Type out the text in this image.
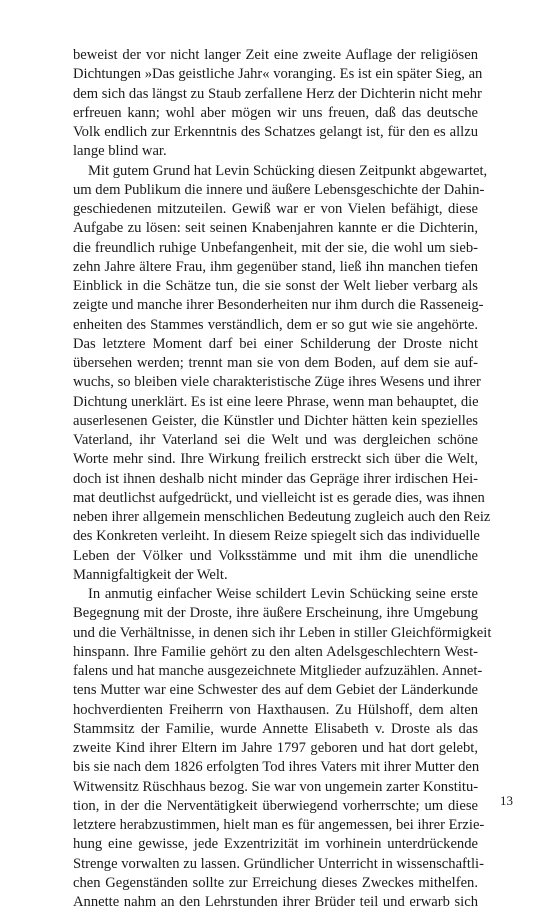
beweist der vor nicht langer Zeit eine zweite Auflage der religiösen
Dichtungen »Das geistliche Jahr« voranging. Es ist ein später Sieg, an
dem sich das längst zu Staub zerfallene Herz der Dichterin nicht mehr
erfreuen kann; wohl aber mögen wir uns freuen, daß das deutsche
Volk endlich zur Erkenntnis des Schatzes gelangt ist, für den es allzu
lange blind war.
Mit gutem Grund hat Levin Schücking diesen Zeitpunkt abgewartet,
um dem Publikum die innere und äußere Lebensgeschichte der Dahin-
geschiedenen mitzuteilen. Gewiß war er von Vielen befähigt, diese
Aufgabe zu lösen: seit seinen Knabenjahren kannte er die Dichterin,
die freundlich ruhige Unbefangenheit, mit der sie, die wohl um sieb-
zehn Jahre ältere Frau, ihm gegenüber stand, ließ ihn manchen tiefen
Einblick in die Schätze tun, die sie sonst der Welt lieber verbarg als
zeigte und manche ihrer Besonderheiten nur ihm durch die Rasseneig-
enheiten des Stammes verständlich, dem er so gut wie sie angehörte.
Das letztere Moment darf bei einer Schilderung der Droste nicht
übersehen werden; trennt man sie von dem Boden, auf dem sie auf-
wuchs, so bleiben viele charakteristische Züge ihres Wesens und ihrer
Dichtung unerklärt. Es ist eine leere Phrase, wenn man behauptet, die
auserlesenen Geister, die Künstler und Dichter hätten kein spezielles
Vaterland, ihr Vaterland sei die Welt und was dergleichen schöne
Worte mehr sind. Ihre Wirkung freilich erstreckt sich über die Welt,
doch ist ihnen deshalb nicht minder das Gepräge ihrer irdischen Hei-
mat deutlichst aufgedrückt, und vielleicht ist es gerade dies, was ihnen
neben ihrer allgemein menschlichen Bedeutung zugleich auch den Reiz
des Konkreten verleiht. In diesem Reize spiegelt sich das individuelle
Leben der Völker und Volksstämme und mit ihm die unendliche
Mannigfaltigkeit der Welt.
In anmutig einfacher Weise schildert Levin Schücking seine erste
Begegnung mit der Droste, ihre äußere Erscheinung, ihre Umgebung
und die Verhältnisse, in denen sich ihr Leben in stiller Gleichförmigkeit
hinspann. Ihre Familie gehört zu den alten Adelsgeschlechtern West-
falens und hat manche ausgezeichnete Mitglieder aufzuzählen. Annet-
tens Mutter war eine Schwester des auf dem Gebiet der Länderkunde
hochverdienten Freiherrn von Haxthausen. Zu Hülshoff, dem alten
Stammsitz der Familie, wurde Annette Elisabeth v. Droste als das
zweite Kind ihrer Eltern im Jahre 1797 geboren und hat dort gelebt,
bis sie nach dem 1826 erfolgten Tod ihres Vaters mit ihrer Mutter den
Witwensitz Rüschhaus bezog. Sie war von ungemein zarter Konstitu-
tion, in der die Nerventätigkeit überwiegend vorherrschte; um diese
letztere herabzustimmen, hielt man es für angemessen, bei ihrer Erzie-
hung eine gewisse, jede Exzentrizität im vorhinein unterdrückende
Strenge vorwalten zu lassen. Gründlicher Unterricht in wissenschaftli-
chen Gegenständen sollte zur Erreichung dieses Zweckes mithelfen.
Annette nahm an den Lehrstunden ihrer Brüder teil und erwarb sich
13
